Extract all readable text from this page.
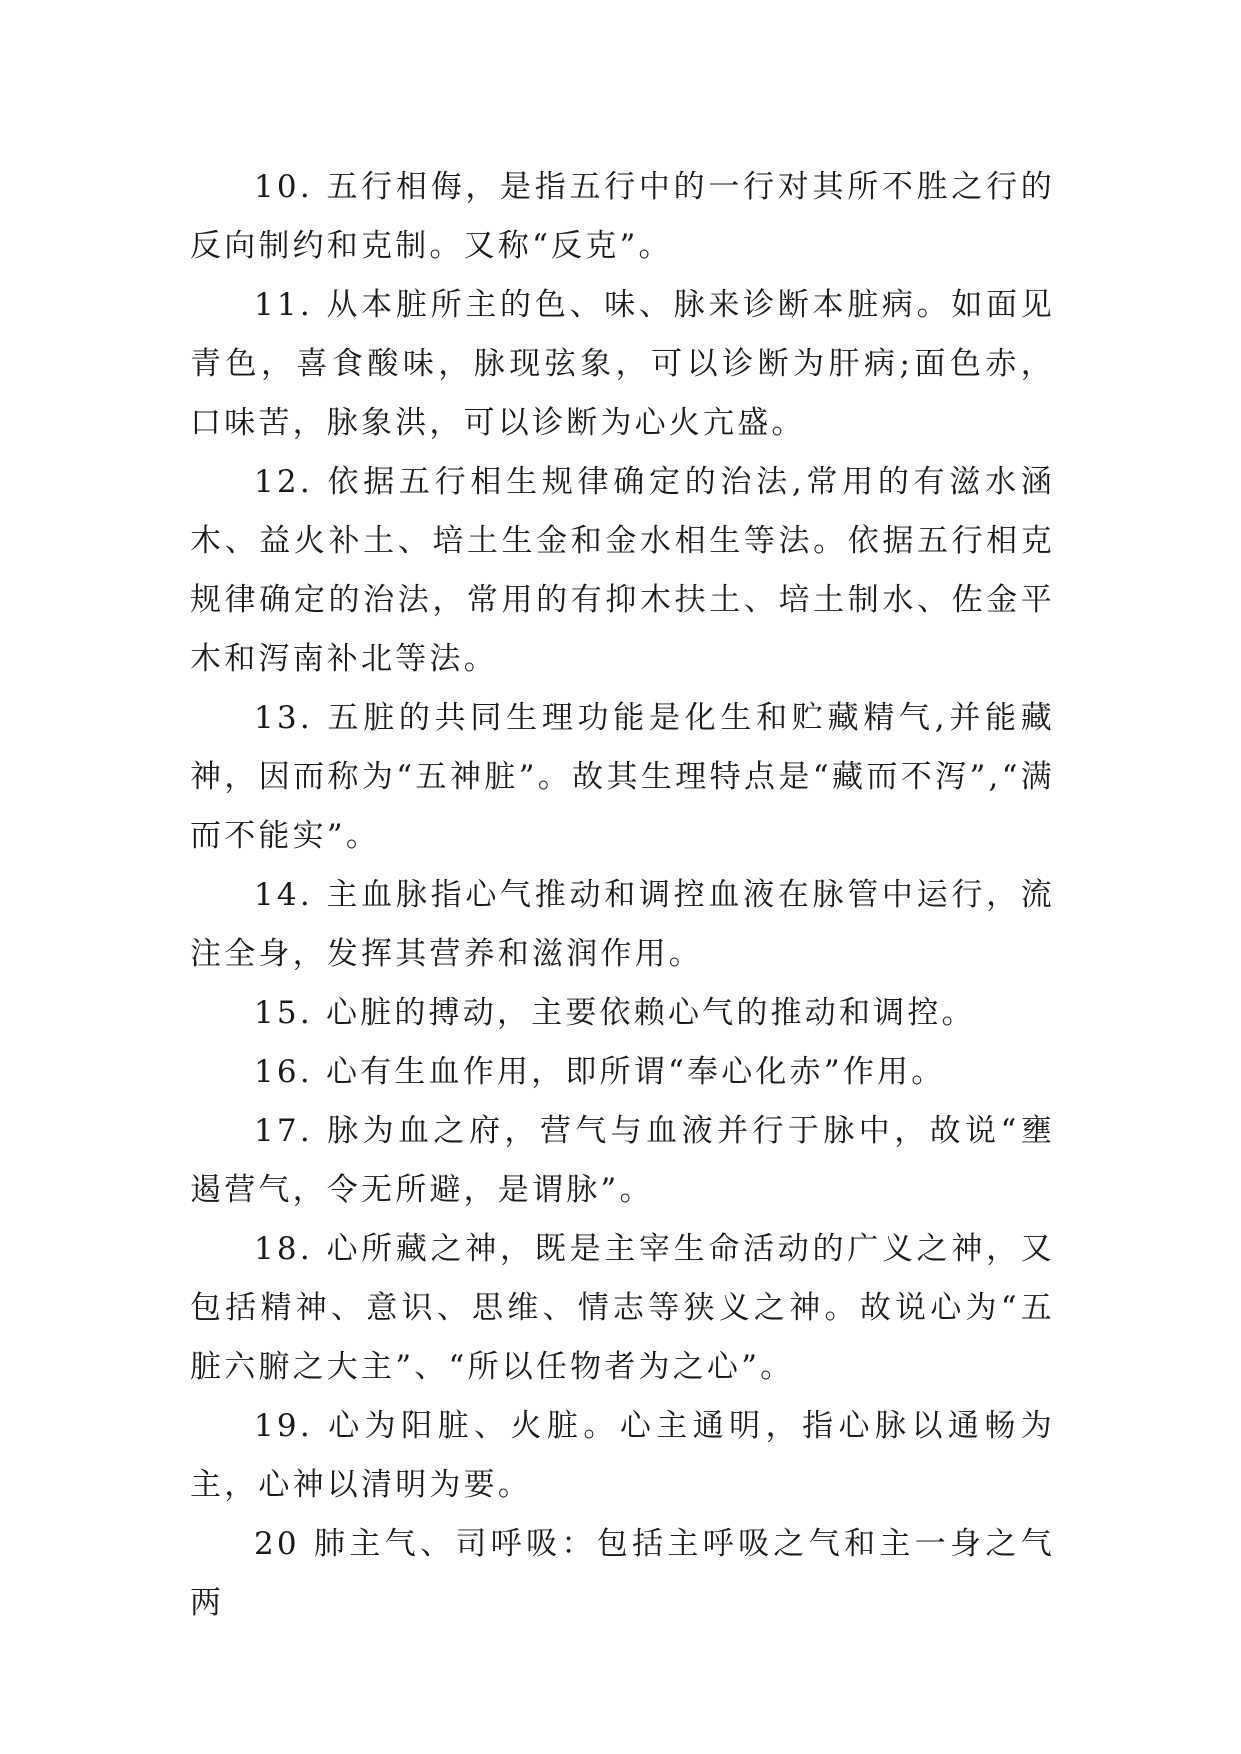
10. 五行相侮，是指五行中的一行对其所不胜之行的反向制约和克制。又称“反克”。

11. 从本脏所主的色、味、脉来诊断本脏病。如面见青色，喜食酸味，脉现弦象，可以诊断为肝病;面色赤，口味苦，脉象洪，可以诊断为心火亢盛。

12. 依据五行相生规律确定的治法,常用的有滋水涵木、益火补土、培土生金和金水相生等法。依据五行相克规律确定的治法，常用的有抑木扶土、培土制水、佐金平木和泻南补北等法。

13. 五脏的共同生理功能是化生和贮藏精气,并能藏神，因而称为“五神脏”。故其生理特点是“藏而不泻”,“满而不能实”。

14. 主血脉指心气推动和调控血液在脉管中运行，流注全身，发挥其营养和滋润作用。

15. 心脏的搏动，主要依赖心气的推动和调控。

16. 心有生血作用，即所谓“奉心化赤”作用。

17. 脉为血之府，营气与血液并行于脉中，故说“壅遏营气，令无所避，是谓脉”。

18. 心所藏之神，既是主宰生命活动的广义之神，又包括精神、意识、思维、情志等狭义之神。故说心为“五脏六腑之大主”、“所以任物者为之心”。

19. 心为阳脏、火脏。心主通明，指心脉以通畅为主，心神以清明为要。

20 肺主气、司呼吸：包括主呼吸之气和主一身之气两
